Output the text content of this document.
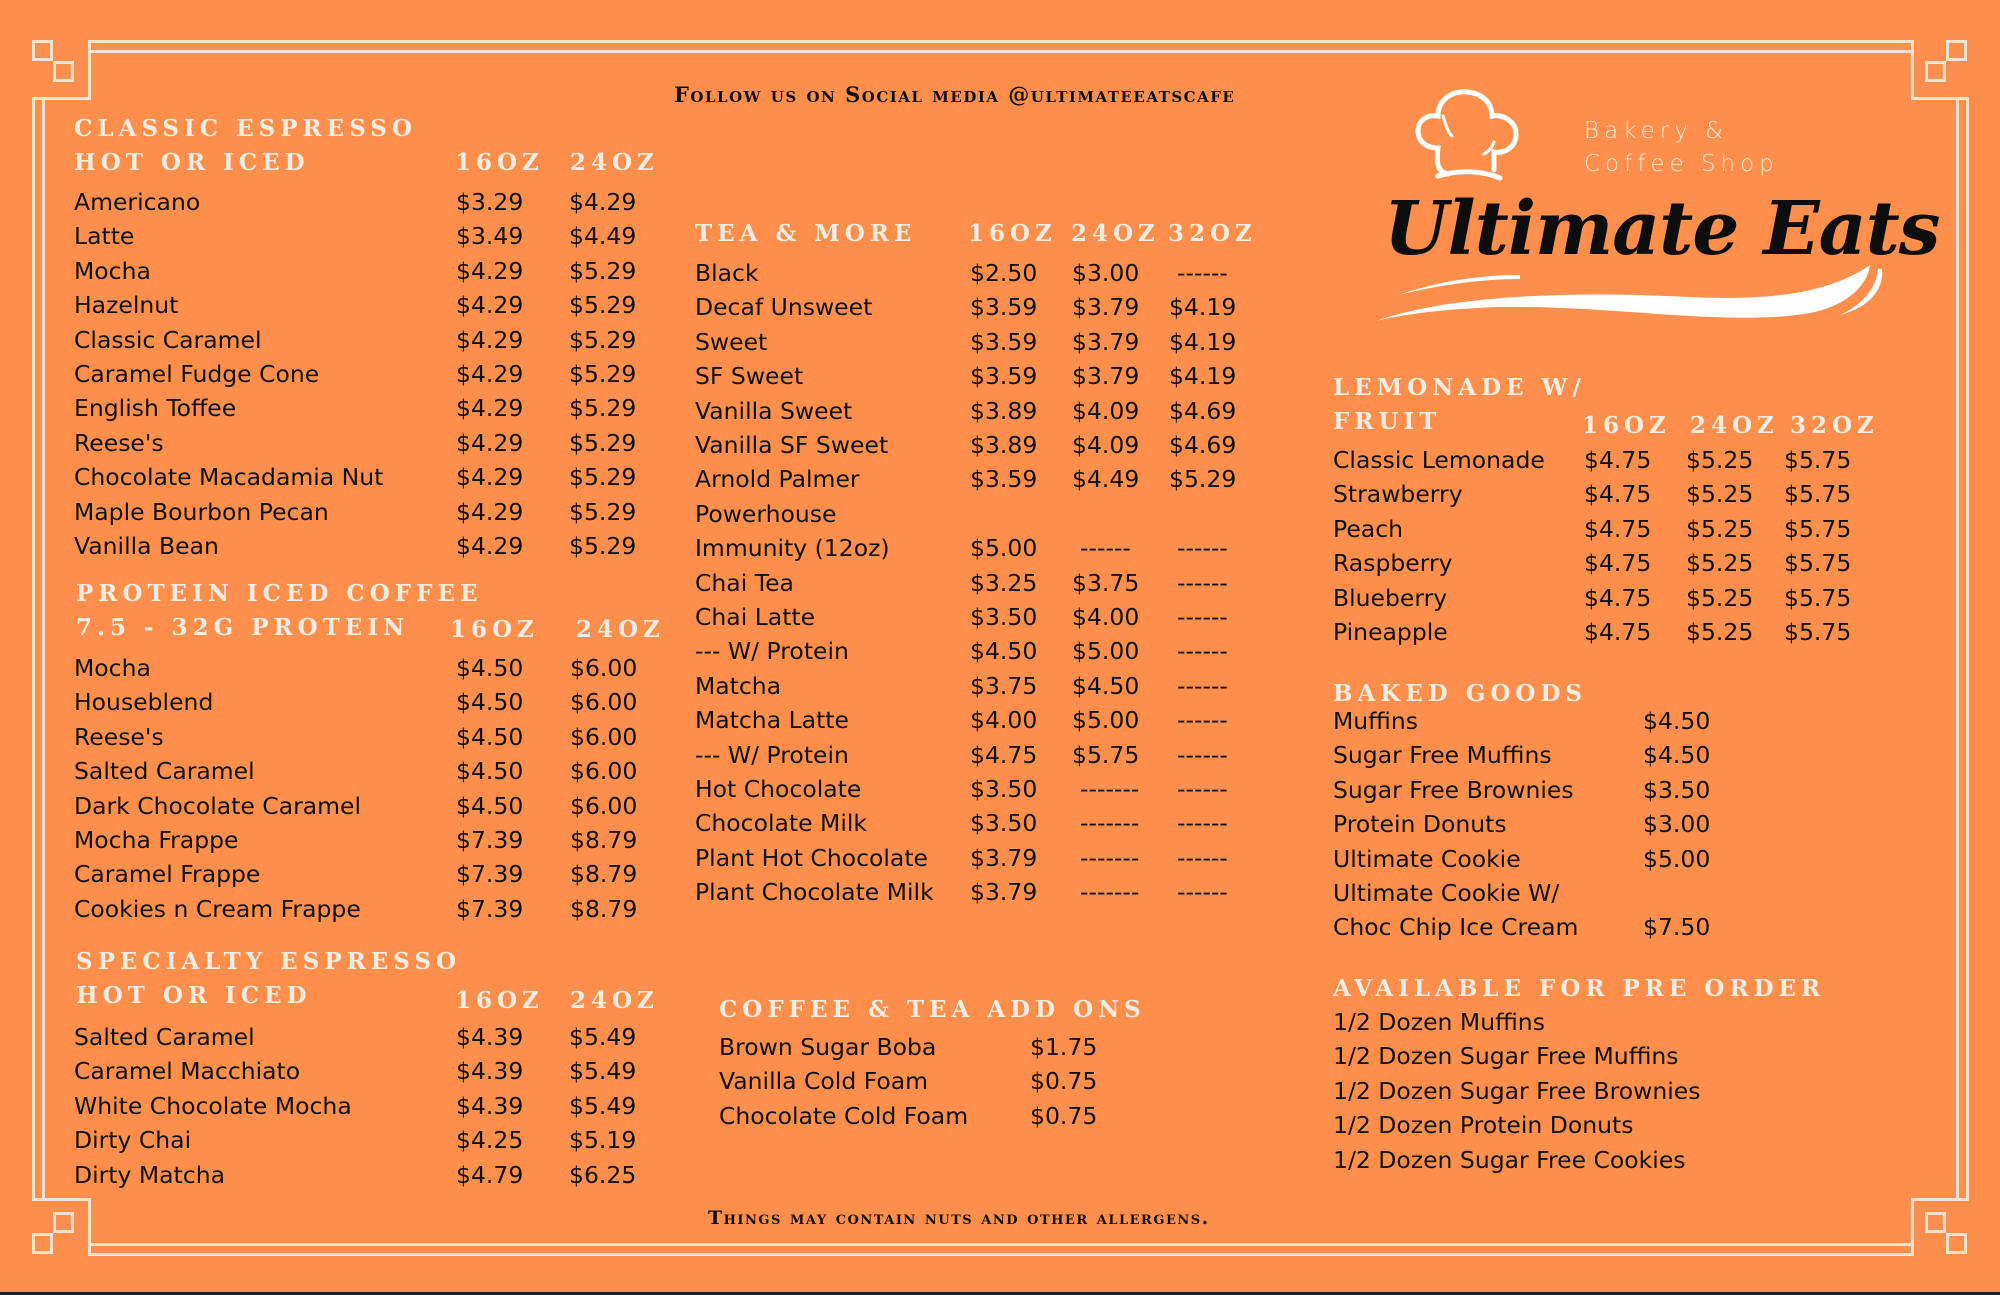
Follow us on Social media @ultimateeatscafe
Bakery &
Coffee Shop
Ultimate Eats
CLASSIC ESPRESSO
HOT OR ICED	16OZ 24OZ
PROTEIN ICED COFFEE
7.5 - 32G PROTEIN 16OZ 24OZ
SPECIALTY ESPRESSO
HOT OR ICED	16OZ 24OZ
TEA & MORE 16OZ 24OZ 32OZ
COFFEE & TEA ADD ONS
LEMONADE W/
FRUIT	16OZ 24OZ 32OZ
BAKED GOODS
AVAILABLE FOR PRE ORDER
Things may contain nuts and other allergens.
Americano	$3.29 $4.29
Latte	$3.49 $4.49
Mocha	$4.29 $5.29
Hazelnut	$4.29 $5.29
Classic Caramel	$4.29 $5.29
Caramel Fudge Cone	$4.29 $5.29
English Toffee	$4.29 $5.29
Reese's	$4.29 $5.29
Chocolate Macadamia Nut	$4.29 $5.29
Maple Bourbon Pecan	$4.29 $5.29
Vanilla Bean	$4.29 $5.29
Mocha	$4.50 $6.00
Houseblend	$4.50 $6.00
Reese's	$4.50 $6.00
Salted Caramel	$4.50 $6.00
Dark Chocolate Caramel	$4.50 $6.00
Mocha Frappe	$7.39 $8.79
Caramel Frappe	$7.39 $8.79
Cookies n Cream Frappe	$7.39 $8.79
Salted Caramel	$4.39 $5.49
Caramel Macchiato	$4.39 $5.49
White Chocolate Mocha	$4.39 $5.49
Dirty Chai	$4.25 $5.19
Dirty Matcha	$4.79 $6.25
Black	$2.50 $3.00 ------
Decaf Unsweet	$3.59 $3.79 $4.19
Sweet	$3.59 $3.79 $4.19
SF Sweet	$3.59 $3.79 $4.19
Vanilla Sweet	$3.89 $4.09 $4.69
Vanilla SF Sweet	$3.89 $4.09 $4.69
Arnold Palmer	$3.59 $4.49 $5.29
Powerhouse
Immunity (12oz)	$5.00 ------ ------
Chai Tea	$3.25 $3.75 ------
Chai Latte	$3.50 $4.00 ------
--- W/ Protein	$4.50 $5.00 ------
Matcha	$3.75 $4.50 ------
Matcha Latte	$4.00 $5.00 ------
--- W/ Protein	$4.75 $5.75 ------
Hot Chocolate	$3.50 ------- ------
Chocolate Milk	$3.50 ------- ------
Plant Hot Chocolate $3.79 ------- ------
Plant Chocolate Milk $3.79 ------- ------
Classic Lemonade $4.75 $5.25 $5.75
Strawberry	$4.75 $5.25 $5.75
Peach	$4.75 $5.25 $5.75
Raspberry	$4.75 $5.25 $5.75
Blueberry	$4.75 $5.25 $5.75
Pineapple	$4.75 $5.25 $5.75
Brown Sugar Boba	$1.75
Vanilla Cold Foam	$0.75
Chocolate Cold Foam	$0.75
Muffins	$4.50
Sugar Free Muffins	$4.50
Sugar Free Brownies	$3.50
Protein Donuts	$3.00
Ultimate Cookie	$5.00
Ultimate Cookie W/
Choc Chip Ice Cream	$7.50
1/2 Dozen Muffins
1/2 Dozen Sugar Free Muffins
1/2 Dozen Sugar Free Brownies
1/2 Dozen Protein Donuts
1/2 Dozen Sugar Free Cookies
